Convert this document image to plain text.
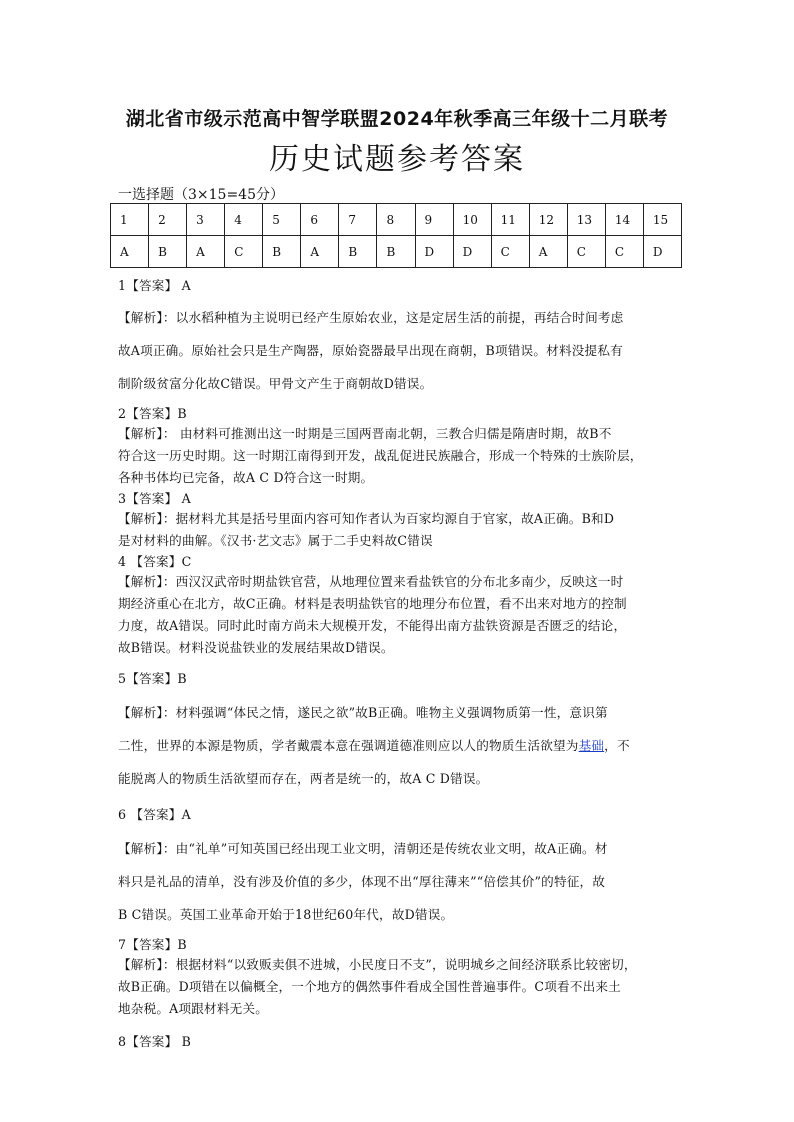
湖北省市级示范高中智学联盟2024年秋季高三年级十二月联考
历史试题参考答案
一选择题（3×15=45分）
1	2	3	4	5	6	7	8	9	10	11	12	13	14	15
A	B	A	C	B	A	B	B	D	D	C	A	C	C	D

1【答案】 A

【解析】：以水稻种植为主说明已经产生原始农业，这是定居生活的前提，再结合时间考虑

故A项正确。原始社会只是生产陶器，原始瓷器最早出现在商朝，B项错误。材料没提私有

制阶级贫富分化故C错误。甲骨文产生于商朝故D错误。

2【答案】B

【解析】： 由材料可推测出这一时期是三国两晋南北朝，三教合归儒是隋唐时期，故B不

符合这一历史时期。这一时期江南得到开发，战乱促进民族融合，形成一个特殊的士族阶层，

各种书体均已完备，故A C D符合这一时期。

3【答案】 A

【解析】：据材料尤其是括号里面内容可知作者认为百家均源自于官家，故A正确。B和D

是对材料的曲解。《汉书·艺文志》属于二手史料故C错误

4 【答案】C

【解析】：西汉汉武帝时期盐铁官营，从地理位置来看盐铁官的分布北多南少，反映这一时

期经济重心在北方，故C正确。材料是表明盐铁官的地理分布位置，看不出来对地方的控制

力度，故A错误。同时此时南方尚未大规模开发，不能得出南方盐铁资源是否匮乏的结论，

故B错误。材料没说盐铁业的发展结果故D错误。

5【答案】B

【解析】：材料强调“体民之情，遂民之欲”故B正确。唯物主义强调物质第一性，意识第

二性，世界的本源是物质，学者戴震本意在强调道德准则应以人的物质生活欲望为基础，不

能脱离人的物质生活欲望而存在，两者是统一的，故A C D错误。

6 【答案】A

【解析】：由“礼单”可知英国已经出现工业文明，清朝还是传统农业文明，故A正确。材

料只是礼品的清单，没有涉及价值的多少，体现不出“厚往薄来”“倍偿其价”的特征，故

B C错误。英国工业革命开始于18世纪60年代，故D错误。

7【答案】B

【解析】：根据材料“以致贩卖俱不进城，小民度日不支”，说明城乡之间经济联系比较密切，

故B正确。D项错在以偏概全，一个地方的偶然事件看成全国性普遍事件。C项看不出来土

地杂税。A项跟材料无关。

8【答案】 B
